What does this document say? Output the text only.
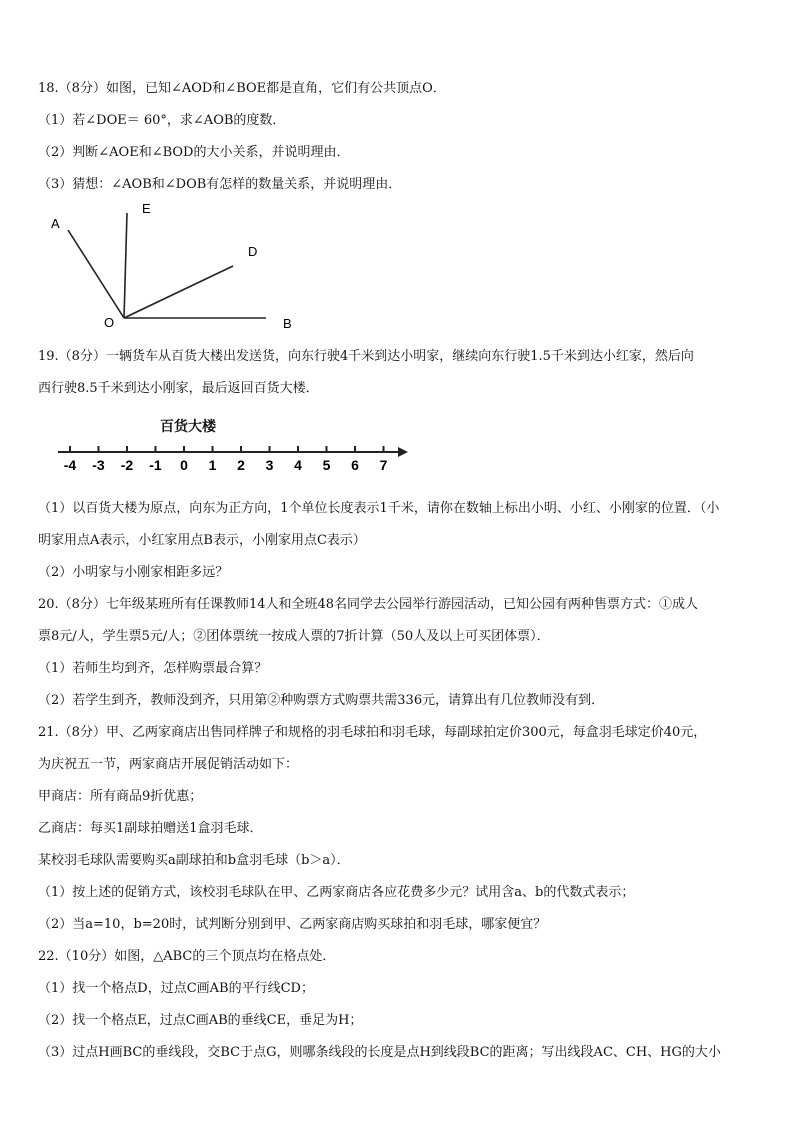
18.（8分）如图，已知∠AOD和∠BOE都是直角，它们有公共顶点O．

（1）若∠DOE＝ 60°，求∠AOB的度数．

（2）判断∠AOE和∠BOD的大小关系，并说明理由．

（3）猜想：∠AOB和∠DOB有怎样的数量关系，并说明理由．

A
E
D
O	B

19.（8分）一辆货车从百货大楼出发送货，向东行驶4千米到达小明家，继续向东行驶1.5千米到达小红家，然后向

西行驶8.5千米到达小刚家，最后返回百货大楼．

百货大楼
-4 -3 -2 -1 0 1 2 3 4 5 6 7

（1）以百货大楼为原点，向东为正方向，1个单位长度表示1千米，请你在数轴上标出小明、小红、小刚家的位置．（小

明家用点A表示，小红家用点B表示，小刚家用点C表示）

（2）小明家与小刚家相距多远？

20.（8分）七年级某班所有任课教师14人和全班48名同学去公园举行游园活动，已知公园有两种售票方式：①成人

票8元/人，学生票5元/人；②团体票统一按成人票的7折计算（50人及以上可买团体票）．

（1）若师生均到齐，怎样购票最合算？

（2）若学生到齐，教师没到齐，只用第②种购票方式购票共需336元，请算出有几位教师没有到．

21.（8分）甲、乙两家商店出售同样牌子和规格的羽毛球拍和羽毛球，每副球拍定价300元，每盒羽毛球定价40元，

为庆祝五一节，两家商店开展促销活动如下：

甲商店：所有商品9折优惠；

乙商店：每买1副球拍赠送1盒羽毛球．

某校羽毛球队需要购买a副球拍和b盒羽毛球（b＞a）．

（1）按上述的促销方式，该校羽毛球队在甲、乙两家商店各应花费多少元？试用含a、b的代数式表示；

（2）当a=10，b=20时，试判断分别到甲、乙两家商店购买球拍和羽毛球，哪家便宜？

22.（10分）如图，△ABC的三个顶点均在格点处．

（1）找一个格点D，过点C画AB的平行线CD；

（2）找一个格点E，过点C画AB的垂线CE，垂足为H；

（3）过点H画BC的垂线段，交BC于点G，则哪条线段的长度是点H到线段BC的距离；写出线段AC、CH、HG的大小
